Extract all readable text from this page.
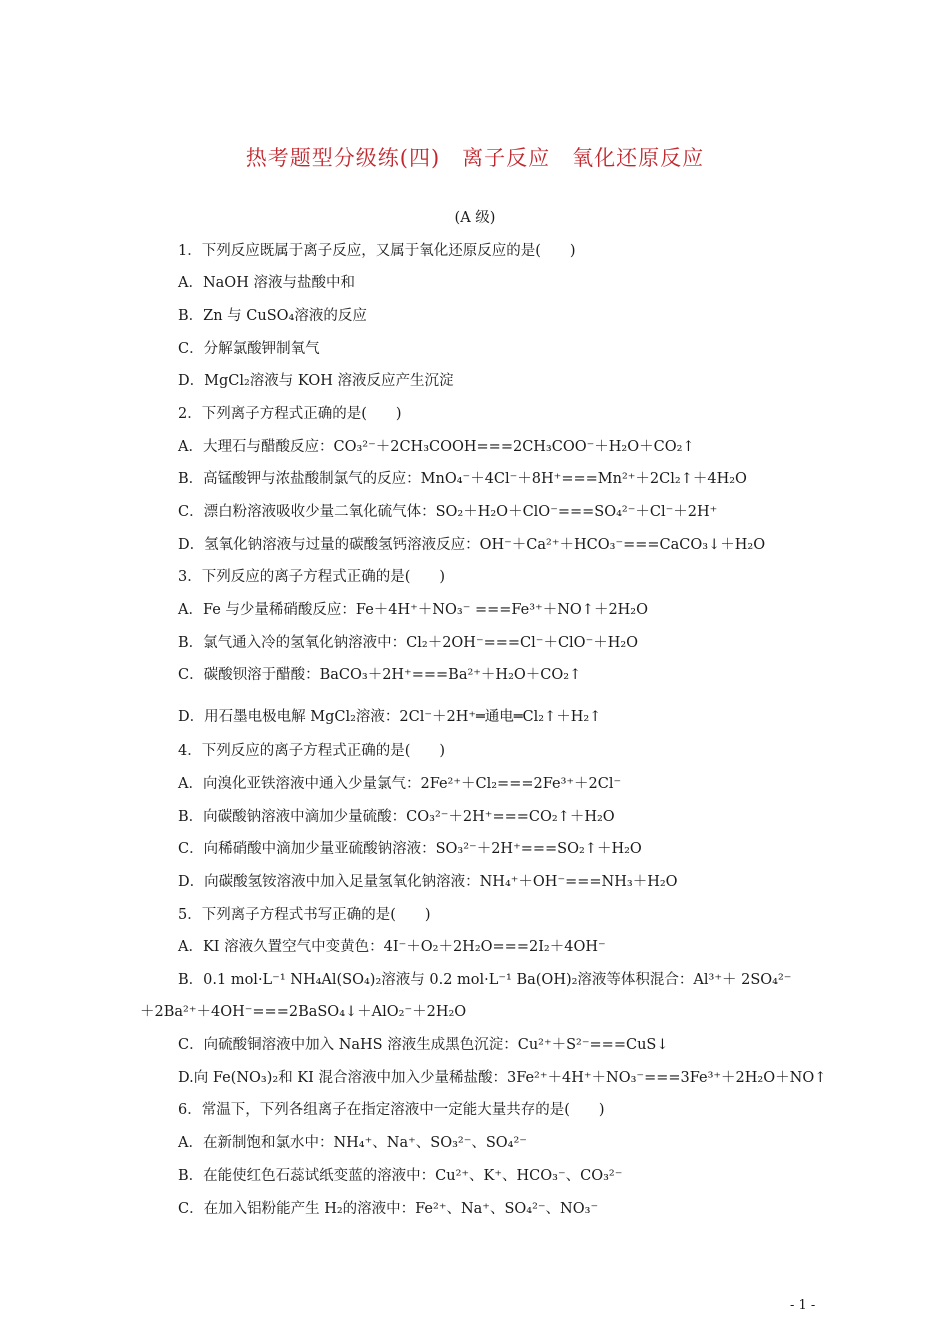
热考题型分级练(四)　离子反应　氧化还原反应
(A 级)
1．下列反应既属于离子反应，又属于氧化还原反应的是(　　)
A．NaOH 溶液与盐酸中和
B．Zn 与 CuSO₄溶液的反应
C．分解氯酸钾制氧气
D．MgCl₂溶液与 KOH 溶液反应产生沉淀
2．下列离子方程式正确的是(　　)
A．大理石与醋酸反应：CO₃²⁻＋2CH₃COOH===2CH₃COO⁻＋H₂O＋CO₂↑
B．高锰酸钾与浓盐酸制氯气的反应：MnO₄⁻＋4Cl⁻＋8H⁺===Mn²⁺＋2Cl₂↑＋4H₂O
C．漂白粉溶液吸收少量二氧化硫气体：SO₂＋H₂O＋ClO⁻===SO₄²⁻＋Cl⁻＋2H⁺
D．氢氧化钠溶液与过量的碳酸氢钙溶液反应：OH⁻＋Ca²⁺＋HCO₃⁻===CaCO₃↓＋H₂O
3．下列反应的离子方程式正确的是(　　)
A．Fe 与少量稀硝酸反应：Fe＋4H⁺＋NO₃⁻ ===Fe³⁺＋NO↑＋2H₂O
B．氯气通入冷的氢氧化钠溶液中：Cl₂＋2OH⁻===Cl⁻＋ClO⁻＋H₂O
C．碳酸钡溶于醋酸：BaCO₃＋2H⁺===Ba²⁺＋H₂O＋CO₂↑
D．用石墨电极电解 MgCl₂溶液：2Cl⁻＋2H⁺═通电═Cl₂↑＋H₂↑
4．下列反应的离子方程式正确的是(　　)
A．向溴化亚铁溶液中通入少量氯气：2Fe²⁺＋Cl₂===2Fe³⁺＋2Cl⁻
B．向碳酸钠溶液中滴加少量硫酸：CO₃²⁻＋2H⁺===CO₂↑＋H₂O
C．向稀硝酸中滴加少量亚硫酸钠溶液：SO₃²⁻＋2H⁺===SO₂↑＋H₂O
D．向碳酸氢铵溶液中加入足量氢氧化钠溶液：NH₄⁺＋OH⁻===NH₃＋H₂O
5．下列离子方程式书写正确的是(　　)
A．KI 溶液久置空气中变黄色：4I⁻＋O₂＋2H₂O===2I₂＋4OH⁻
B．0.1 mol·L⁻¹ NH₄Al(SO₄)₂溶液与 0.2 mol·L⁻¹ Ba(OH)₂溶液等体积混合：Al³⁺＋ 2SO₄²⁻
＋2Ba²⁺＋4OH⁻===2BaSO₄↓＋AlO₂⁻＋2H₂O
C．向硫酸铜溶液中加入 NaHS 溶液生成黑色沉淀：Cu²⁺＋S²⁻===CuS↓
D.向 Fe(NO₃)₂和 KI 混合溶液中加入少量稀盐酸：3Fe²⁺＋4H⁺＋NO₃⁻===3Fe³⁺＋2H₂O＋NO↑
6．常温下，下列各组离子在指定溶液中一定能大量共存的是(　　)
A．在新制饱和氯水中：NH₄⁺、Na⁺、SO₃²⁻、SO₄²⁻
B．在能使红色石蕊试纸变蓝的溶液中：Cu²⁺、K⁺、HCO₃⁻、CO₃²⁻
C．在加入铝粉能产生 H₂的溶液中：Fe²⁺、Na⁺、SO₄²⁻、NO₃⁻
- 1 -
